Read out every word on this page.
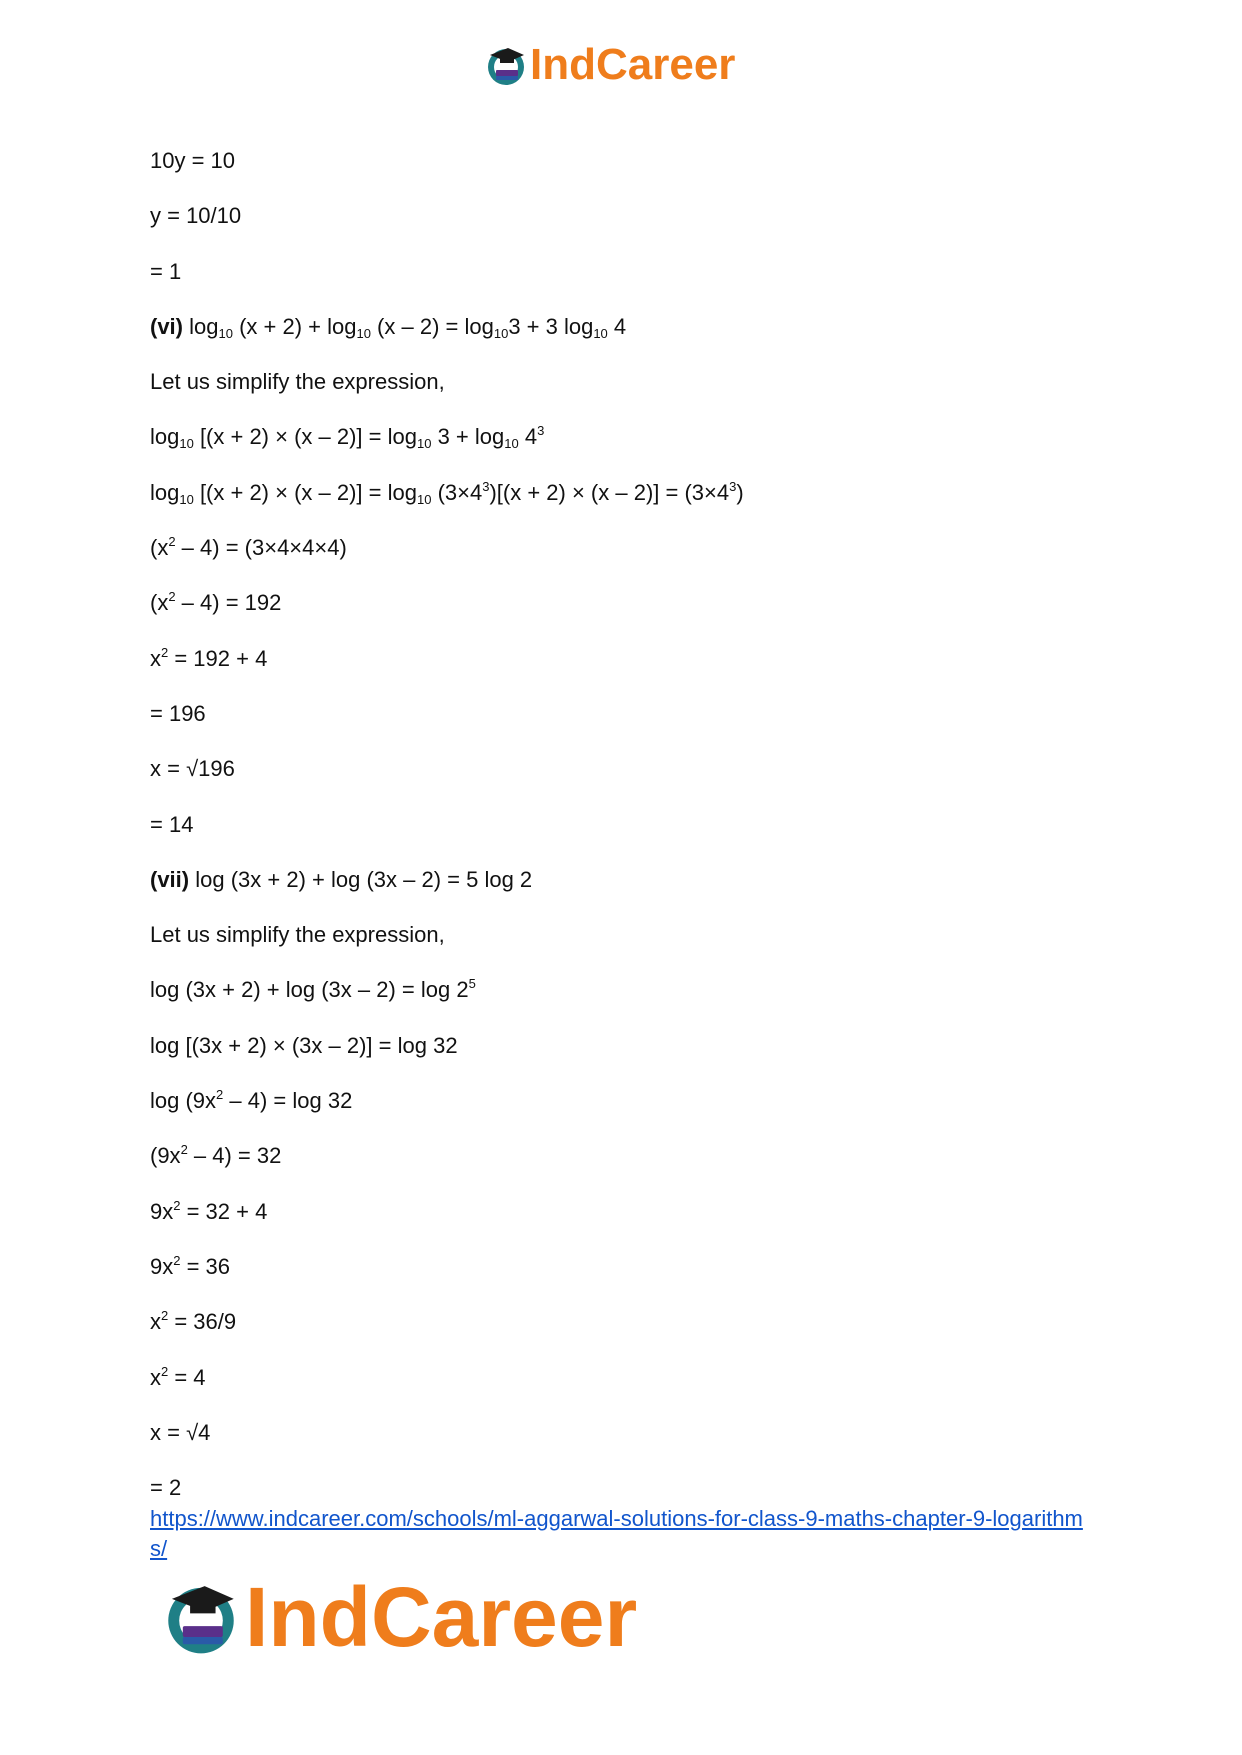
IndCareer
10y = 10
y = 10/10
= 1
(vi) $\log_{10} (x + 2) + \log_{10} (x - 2) = \log_{10}3 + 3$ $\log_{10} 4$
Let us simplify the expression,
$\log_{10} [(x + 2) \times (x - 2)] = \log_{10} 3 + \log_{10} 4^3$
$\log_{10} [(x + 2) \times (x - 2)] = \log_{10} (3\times 4^3)[(x + 2) \times (x - 2)] = (3\times 4^3)$
$(x^2 - 4) = (3\times 4\times 4\times 4)$
$(x^2 - 4) = 192$
$x^2 = 192 + 4$
= 196
x = √196
= 14
(vii) log (3x + 2) + log (3x – 2) = 5 log 2
Let us simplify the expression,
$\log (3x + 2) + \log (3x - 2) = \log 2^5$
log [(3x + 2) × (3x – 2)] = log 32
$\log (9x^2 - 4) = \log 32$
$(9x^2 - 4) = 32$
$9x^2 = 32 + 4$
$9x^2 = 36$
$x^2 = 36/9$
$x^2 = 4$
x = √4
= 2
https://www.indcareer.com/schools/ml-aggarwal-solutions-for-class-9-maths-chapter-9-logarithms/
IndCareer
